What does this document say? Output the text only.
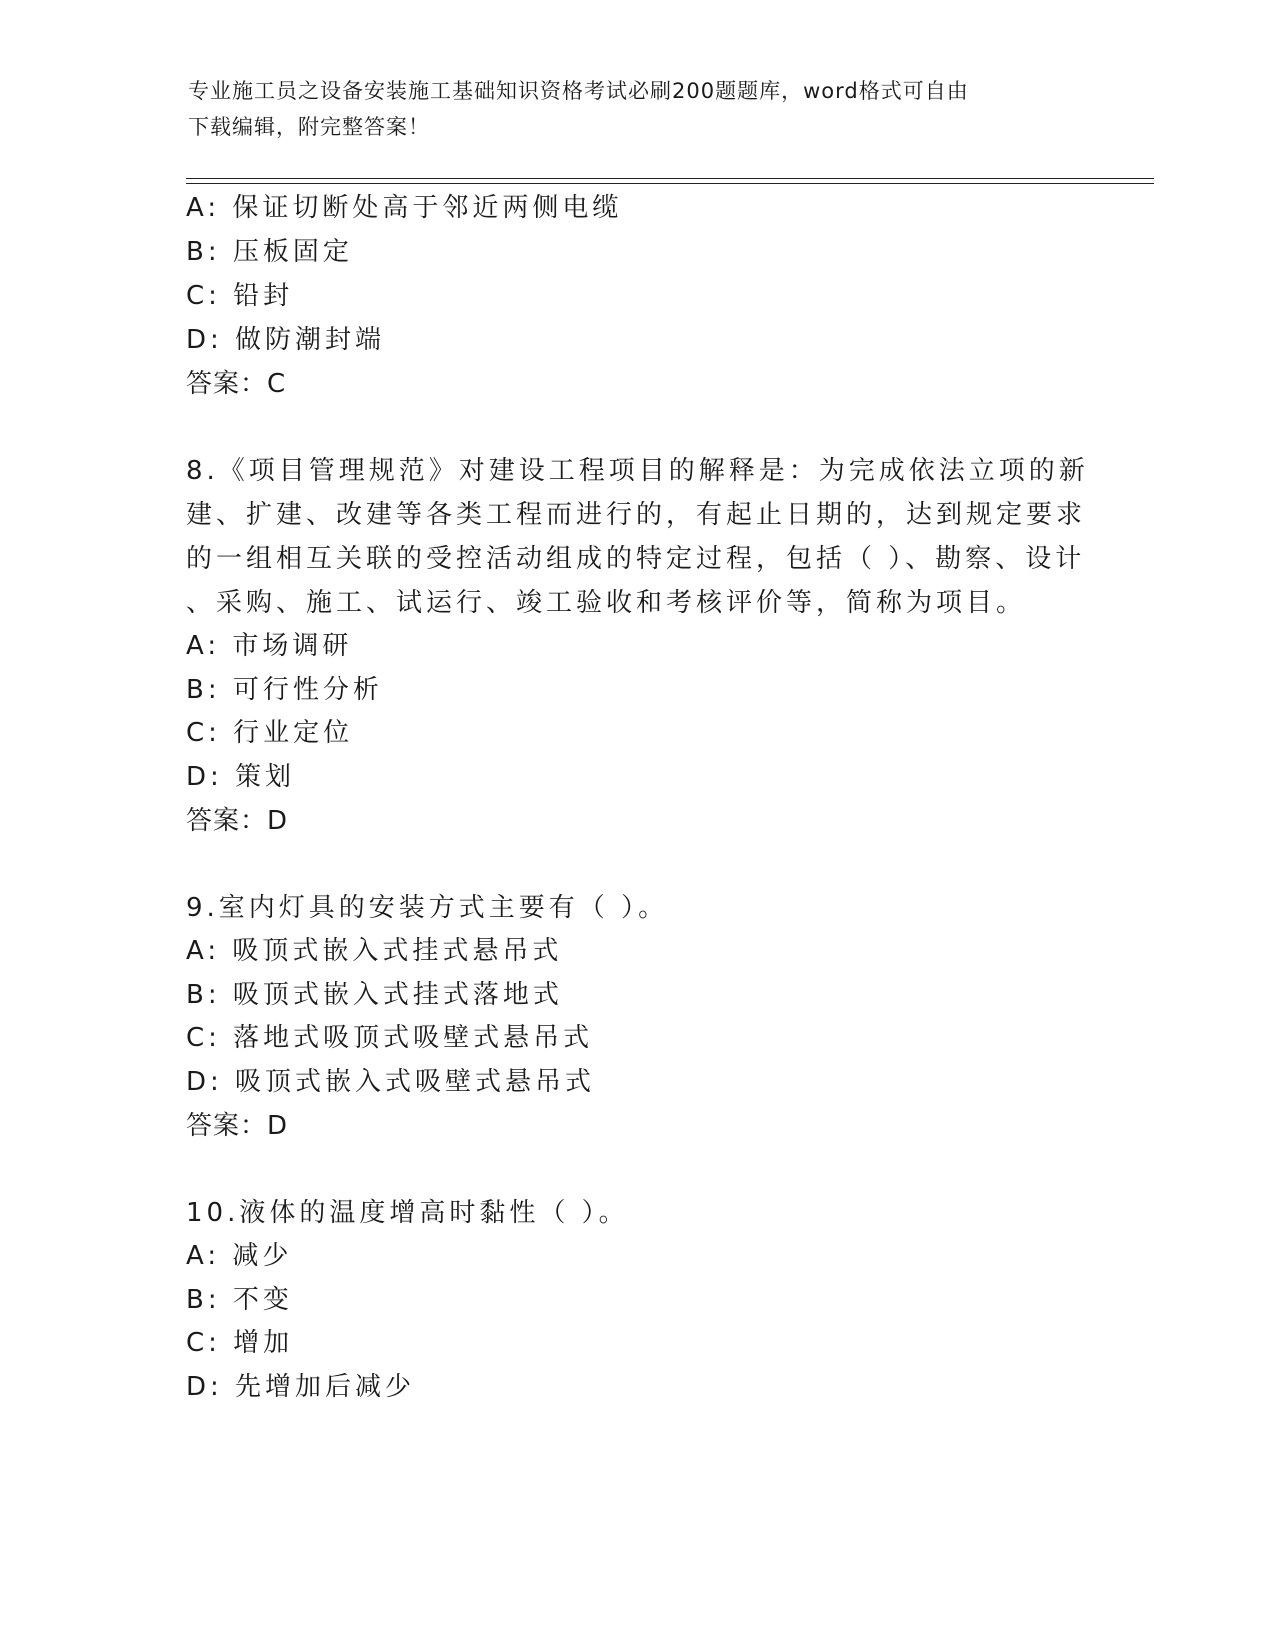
专业施工员之设备安装施工基础知识资格考试必刷200题题库，word格式可自由
下载编辑，附完整答案！
A: 保证切断处高于邻近两侧电缆
B: 压板固定
C: 铅封
D: 做防潮封端
答案：C
8.《项目管理规范》对建设工程项目的解释是：为完成依法立项的新
建、扩建、改建等各类工程而进行的，有起止日期的，达到规定要求
的一组相互关联的受控活动组成的特定过程，包括（ ）、勘察、设计
、采购、施工、试运行、竣工验收和考核评价等，简称为项目。
A: 市场调研
B: 可行性分析
C: 行业定位
D: 策划
答案：D
9.室内灯具的安装方式主要有（ ）。
A: 吸顶式嵌入式挂式悬吊式
B: 吸顶式嵌入式挂式落地式
C: 落地式吸顶式吸壁式悬吊式
D: 吸顶式嵌入式吸壁式悬吊式
答案：D
10.液体的温度增高时黏性（ ）。
A: 减少
B: 不变
C: 增加
D: 先增加后减少
